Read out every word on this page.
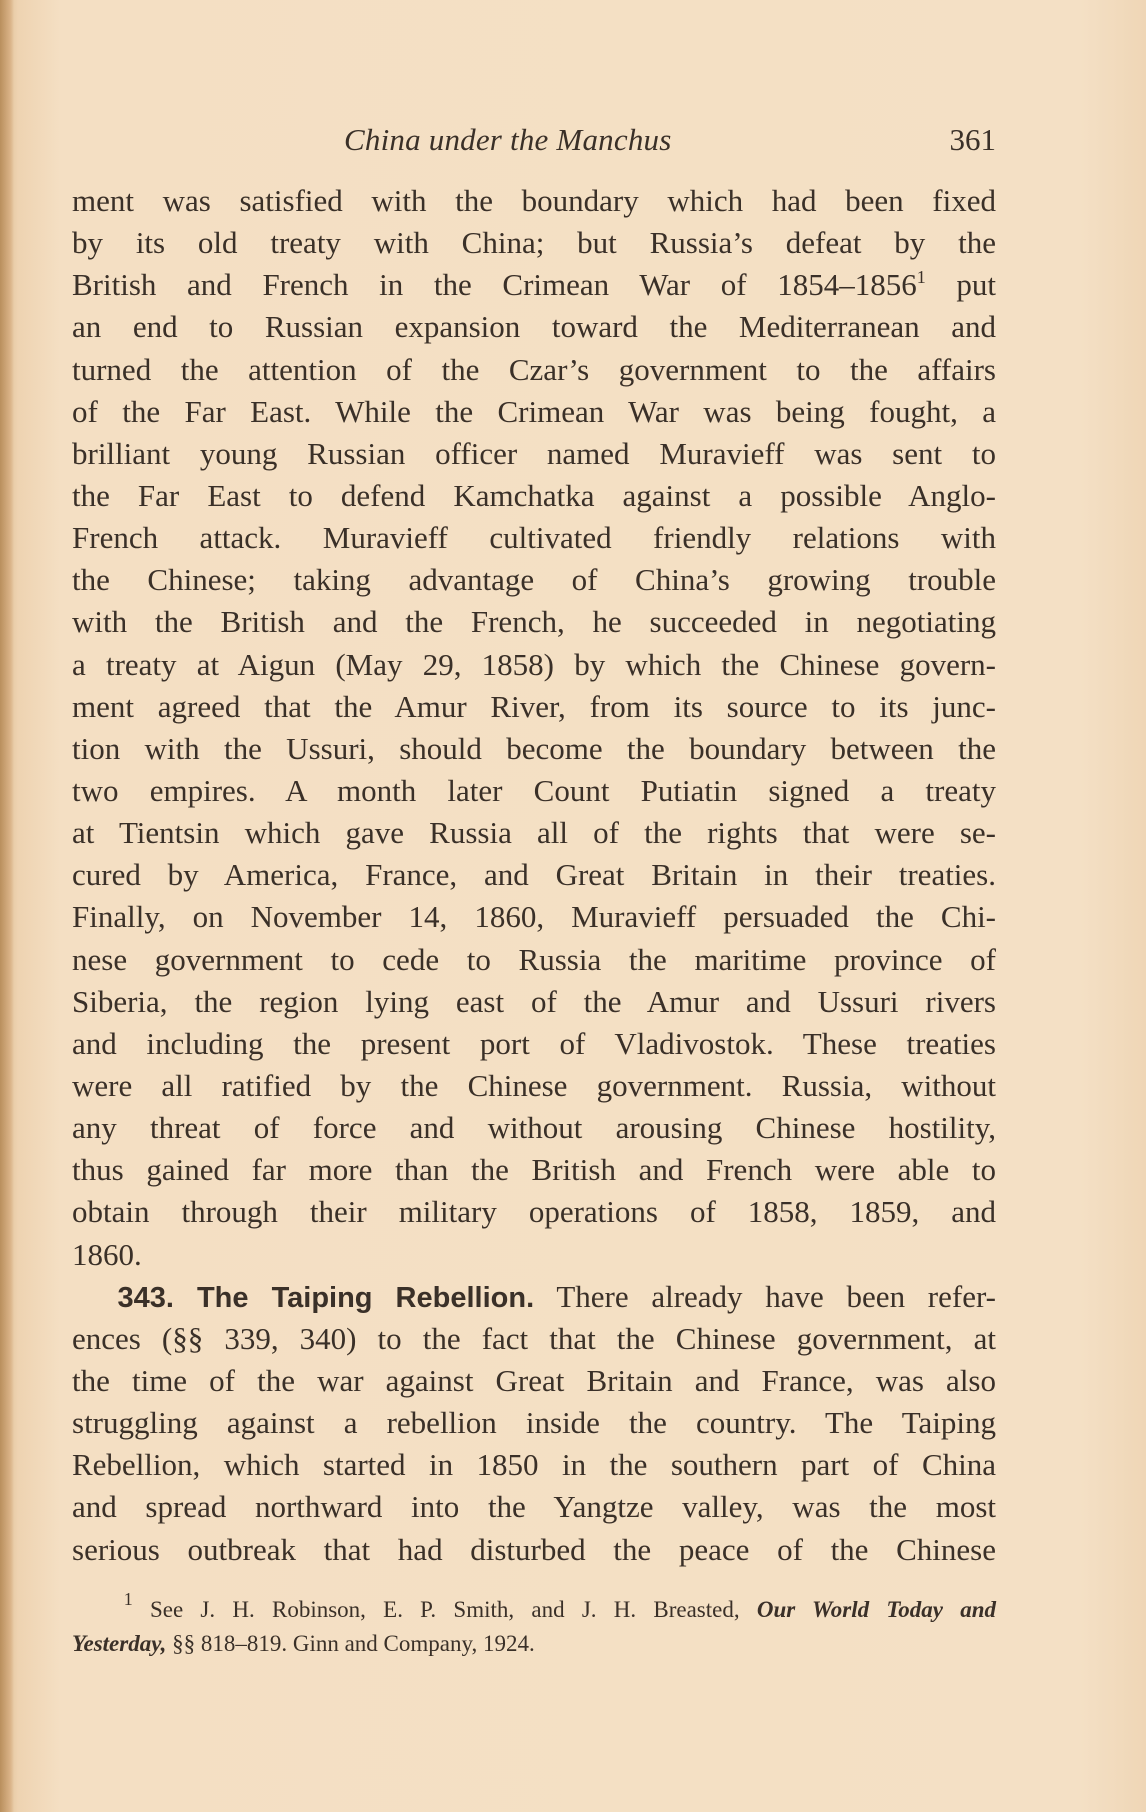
China under the Manchus	361
ment was satisfied with the boundary which had been fixed
by its old treaty with China; but Russia’s defeat by the
British and French in the Crimean War of 1854–1856$^1$ put
an end to Russian expansion toward the Mediterranean and
turned the attention of the Czar’s government to the affairs
of the Far East. While the Crimean War was being fought, a
brilliant young Russian officer named Muravieff was sent to
the Far East to defend Kamchatka against a possible Anglo-
French attack. Muravieff cultivated friendly relations with
the Chinese; taking advantage of China’s growing trouble
with the British and the French, he succeeded in negotiating
a treaty at Aigun (May 29, 1858) by which the Chinese govern-
ment agreed that the Amur River, from its source to its junc-
tion with the Ussuri, should become the boundary between the
two empires. A month later Count Putiatin signed a treaty
at Tientsin which gave Russia all of the rights that were se-
cured by America, France, and Great Britain in their treaties.
Finally, on November 14, 1860, Muravieff persuaded the Chi-
nese government to cede to Russia the maritime province of
Siberia, the region lying east of the Amur and Ussuri rivers
and including the present port of Vladivostok. These treaties
were all ratified by the Chinese government. Russia, without
any threat of force and without arousing Chinese hostility,
thus gained far more than the British and French were able to
obtain through their military operations of 1858, 1859, and
1860.
343. The Taiping Rebellion. There already have been refer-
ences (§§ 339, 340) to the fact that the Chinese government, at
the time of the war against Great Britain and France, was also
struggling against a rebellion inside the country. The Taiping
Rebellion, which started in 1850 in the southern part of China
and spread northward into the Yangtze valley, was the most
serious outbreak that had disturbed the peace of the Chinese
$^1$ See J. H. Robinson, E. P. Smith, and J. H. Breasted, Our World Today and
Yesterday, §§ 818–819. Ginn and Company, 1924.
